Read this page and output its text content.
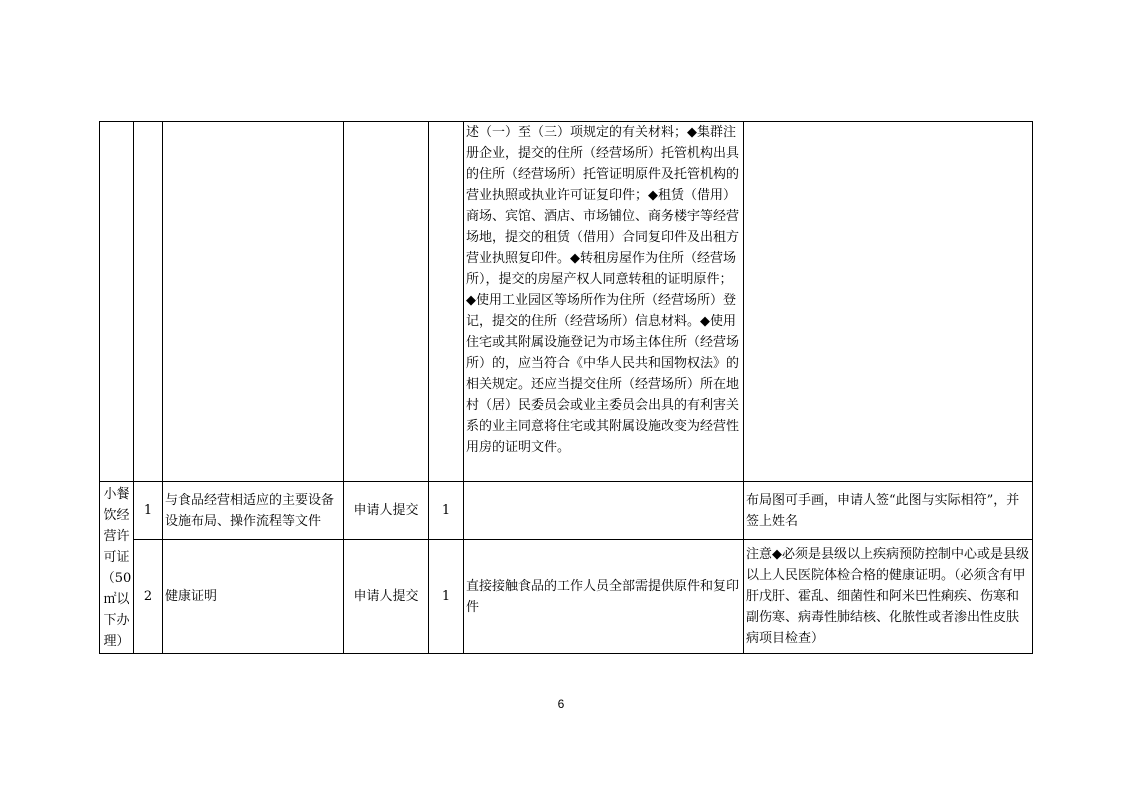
					述（一）至（三）项规定的有关材料；◆集群注册企业，提交的住所（经营场所）托管机构出具的住所（经营场所）托管证明原件及托管机构的营业执照或执业许可证复印件；◆租赁（借用）商场、宾馆、酒店、市场铺位、商务楼宇等经营场地，提交的租赁（借用）合同复印件及出租方营业执照复印件。◆转租房屋作为住所（经营场所），提交的房屋产权人同意转租的证明原件；◆使用工业园区等场所作为住所（经营场所）登记，提交的住所（经营场所）信息材料。◆使用住宅或其附属设施登记为市场主体住所（经营场所）的，应当符合《中华人民共和国物权法》的相关规定。还应当提交住所（经营场所）所在地村（居）民委员会或业主委员会出具的有利害关系的业主同意将住宅或其附属设施改变为经营性用房的证明文件。	

小餐饮经营许可证（50㎡以下办理）	1	与食品经营相适应的主要设备设施布局、操作流程等文件	申请人提交	1		布局图可手画，申请人签“此图与实际相符”，并签上姓名
	2	健康证明	申请人提交	1	直接接触食品的工作人员全部需提供原件和复印件	注意◆必须是县级以上疾病预防控制中心或是县级以上人民医院体检合格的健康证明。（必须含有甲肝戊肝、霍乱、细菌性和阿米巴性痢疾、伤寒和副伤寒、病毒性肺结核、化脓性或者渗出性皮肤病项目检查）
6
